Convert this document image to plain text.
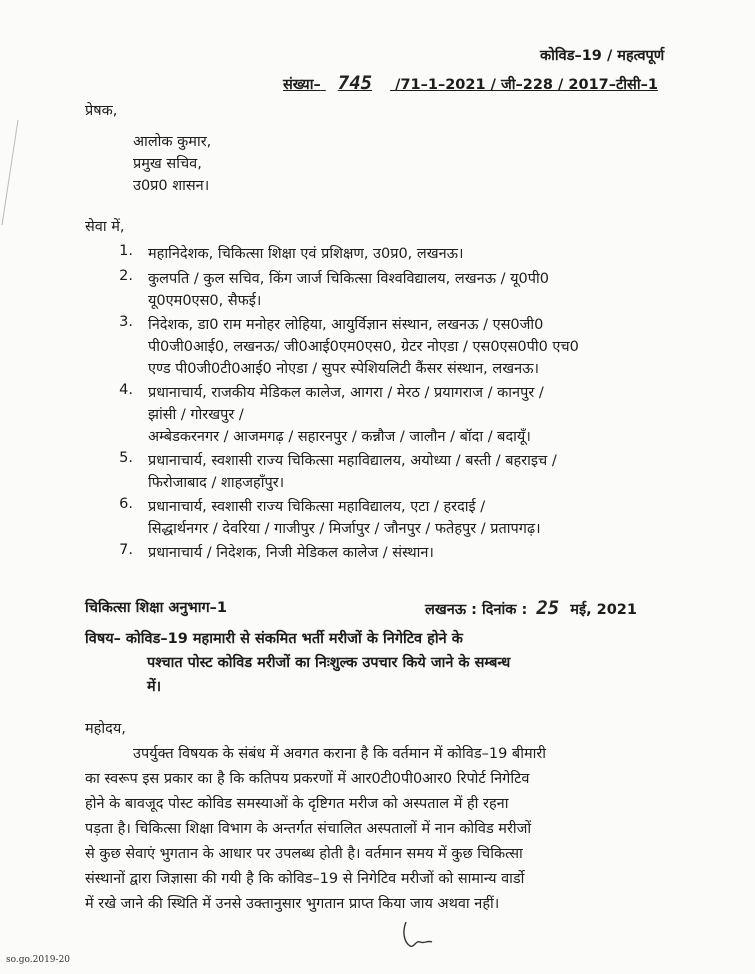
कोविड–19 / महत्वपूर्ण
संख्या– 745 /71–1–2021 / जी–228 / 2017–टीसी–1
प्रेषक,
आलोक कुमार,
प्रमुख सचिव,
उ0प्र0 शासन।
सेवा में,
1. महानिदेशक, चिकित्सा शिक्षा एवं प्रशिक्षण, उ0प्र0, लखनऊ।
2. कुलपति / कुल सचिव, किंग जार्ज चिकित्सा विश्वविद्यालय, लखनऊ / यू0पी0
यू0एम0एस0, सैफई।
3. निदेशक, डा0 राम मनोहर लोहिया, आयुर्विज्ञान संस्थान, लखनऊ / एस0जी0
पी0जी0आई0, लखनऊ/ जी0आई0एम0एस0, ग्रेटर नोएडा / एस0एस0पी0 एच0
एण्ड पी0जी0टी0आई0 नोएडा / सुपर स्पेशियलिटी कैंसर संस्थान, लखनऊ।
4. प्रधानाचार्य, राजकीय मेडिकल कालेज, आगरा / मेरठ / प्रयागराज / कानपुर /
झांसी / गोरखपुर /
अम्बेडकरनगर / आजमगढ़ / सहारनपुर / कन्नौज / जालौन / बॉदा / बदायूँ।
5. प्रधानाचार्य, स्वशासी राज्य चिकित्सा महाविद्यालय, अयोध्या / बस्ती / बहराइच /
फिरोजाबाद / शाहजहाँपुर।
6. प्रधानाचार्य, स्वशासी राज्य चिकित्सा महाविद्यालय, एटा / हरदाई /
सिद्धार्थनगर / देवरिया / गाजीपुर / मिर्जापुर / जौनपुर / फतेहपुर / प्रतापगढ़।
7. प्रधानाचार्य / निदेशक, निजी मेडिकल कालेज / संस्थान।
चिकित्सा शिक्षा अनुभाग–1	लखनऊ : दिनांक : 25 मई, 2021
विषय– कोविड–19 महामारी से संकमित भर्ती मरीजों के निगेटिव होने के
पश्चात पोस्ट कोविड मरीजों का निःशुल्क उपचार किये जाने के सम्बन्ध
में।
महोदय,
उपर्युक्त विषयक के संबंध में अवगत कराना है कि वर्तमान में कोविड–19 बीमारी
का स्वरूप इस प्रकार का है कि कतिपय प्रकरणों में आर0टी0पी0आर0 रिपोर्ट निगेटिव
होने के बावजूद पोस्ट कोविड समस्याओं के दृष्टिगत मरीज को अस्पताल में ही रहना
पड़ता है। चिकित्सा शिक्षा विभाग के अन्तर्गत संचालित अस्पतालों में नान कोविड मरीजों
से कुछ सेवाएं भुगतान के आधार पर उपलब्ध होती है। वर्तमान समय में कुछ चिकित्सा
संस्थानों द्वारा जिज्ञासा की गयी है कि कोविड–19 से निगेटिव मरीजों को सामान्य वार्डो
में रखे जाने की स्थिति में उनसे उक्तानुसार भुगतान प्राप्त किया जाय अथवा नहीं।
so.go.2019-20
